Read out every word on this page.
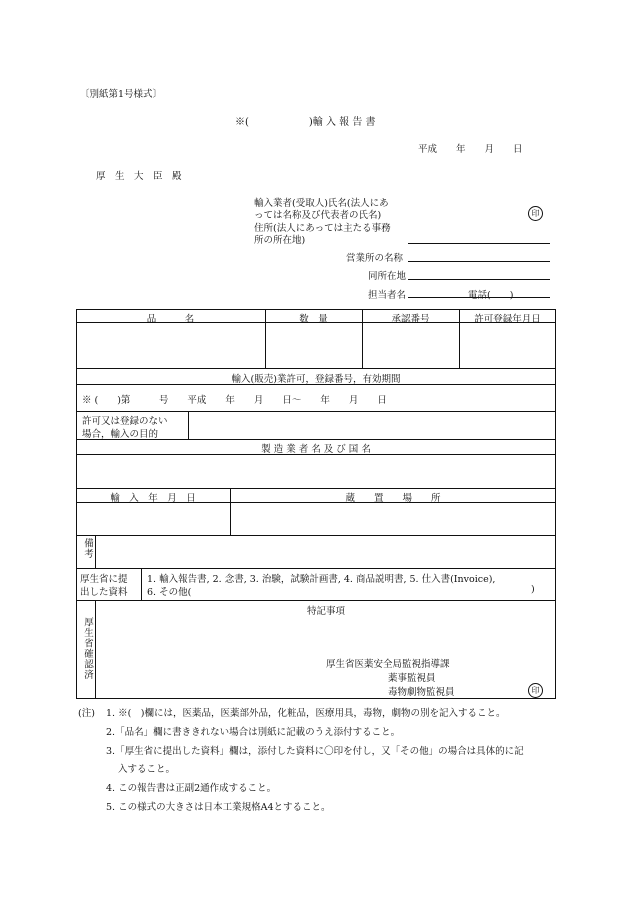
〔別紙第1号様式〕
※(　　　　　　)輸 入 報 告 書
平成　　年　　月　　日
厚　生　大　臣　殿
輸入業者(受取人)氏名(法人にあ
っては名称及び代表者の氏名)	印
住所(法人にあっては主たる事務
所の所在地)
営業所の名称
同所在地
担当者名	電話(　　)
品　　　名	数　量	承認番号	許可登録年月日
輸入(販売)業許可，登録番号，有効期間
※ (　　)第　　　号　　平成　　年　　月　　日～　　年　　月　　日
許可又は登録のない
場合，輸入の目的
製 造 業 者 名 及 び 国 名
輸　入　年　月　日	蔵　　置　　場　　所
備考
厚生省に提
出した資料
1. 輸入報告書, 2. 念書, 3. 治験，試験計画書, 4. 商品説明書, 5. 仕入書(Invoice),
6. その他(	)
厚生省確認済
特記事項
厚生省医薬安全局監視指導課
薬事監視員
毒物劇物監視員	印
(注) 1. ※(　)欄には，医薬品，医薬部外品，化粧品，医療用具，毒物，劇物の別を記入すること。
2.「品名」欄に書ききれない場合は別紙に記載のうえ添付すること。
3.「厚生省に提出した資料」欄は，添付した資料に〇印を付し，又「その他」の場合は具体的に記
入すること。
4. この報告書は正副2通作成すること。
5. この様式の大きさは日本工業規格A4とすること。
